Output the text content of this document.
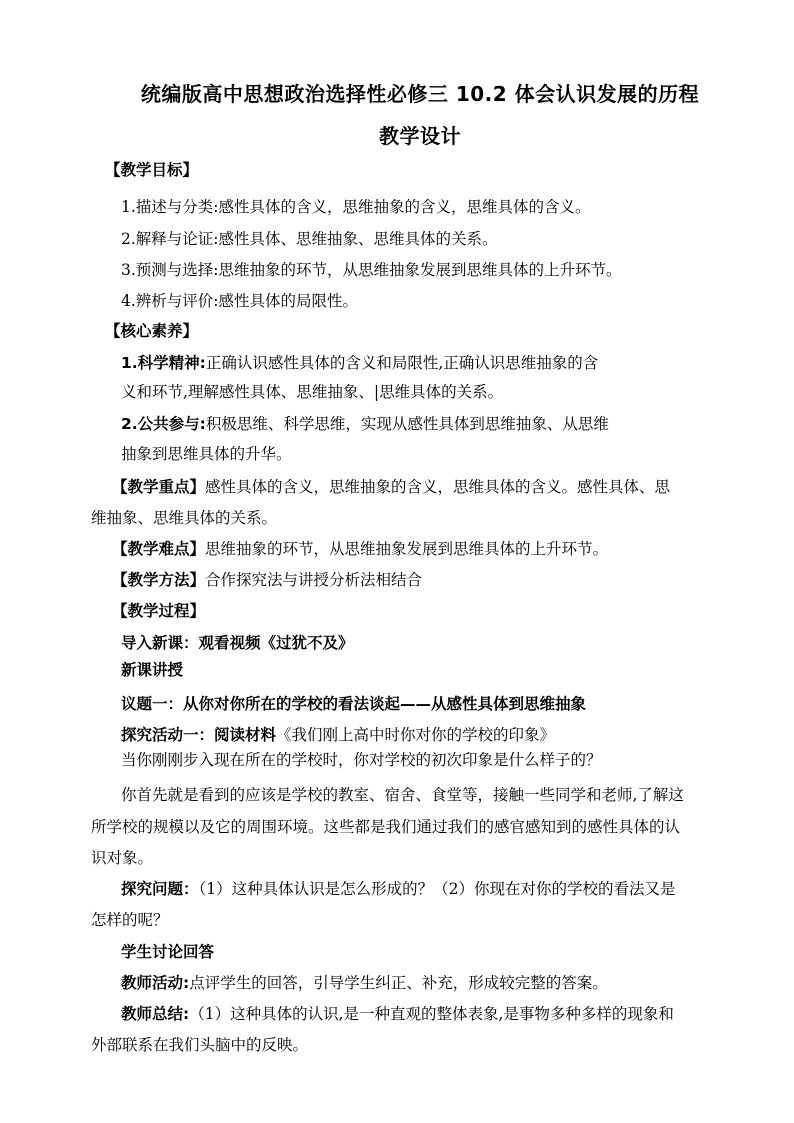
统编版高中思想政治选择性必修三 10.2 体会认识发展的历程
教学设计
【教学目标】
1.描述与分类:感性具体的含义，思维抽象的含义，思维具体的含义。
2.解释与论证:感性具体、思维抽象、思维具体的关系。
3.预测与选择:思维抽象的环节，从思维抽象发展到思维具体的上升环节。
4.辨析与评价:感性具体的局限性。
【核心素养】
1.科学精神:正确认识感性具体的含义和局限性,正确认识思维抽象的含
义和环节,理解感性具体、思维抽象、|思维具体的关系。
2.公共参与:积极思维、科学思维，实现从感性具体到思维抽象、从思维
抽象到思维具体的升华。
【教学重点】感性具体的含义，思维抽象的含义，思维具体的含义。感性具体、思
维抽象、思维具体的关系。
【教学难点】思维抽象的环节，从思维抽象发展到思维具体的上升环节。
【教学方法】合作探究法与讲授分析法相结合
【教学过程】
导入新课：观看视频《过犹不及》
新课讲授
议题一：从你对你所在的学校的看法谈起——从感性具体到思维抽象
探究活动一：阅读材料《我们刚上高中时你对你的学校的印象》
当你刚刚步入现在所在的学校时，你对学校的初次印象是什么样子的？
你首先就是看到的应该是学校的教室、宿舍、食堂等，接触一些同学和老师,了解这
所学校的规模以及它的周围环境。这些都是我们通过我们的感官感知到的感性具体的认
识对象。
探究问题：（1）这种具体认识是怎么形成的？（2）你现在对你的学校的看法又是
怎样的呢？
学生讨论回答
教师活动:点评学生的回答，引导学生纠正、补充，形成较完整的答案。
教师总结:（1）这种具体的认识,是一种直观的整体表象,是事物多种多样的现象和
外部联系在我们头脑中的反映。
